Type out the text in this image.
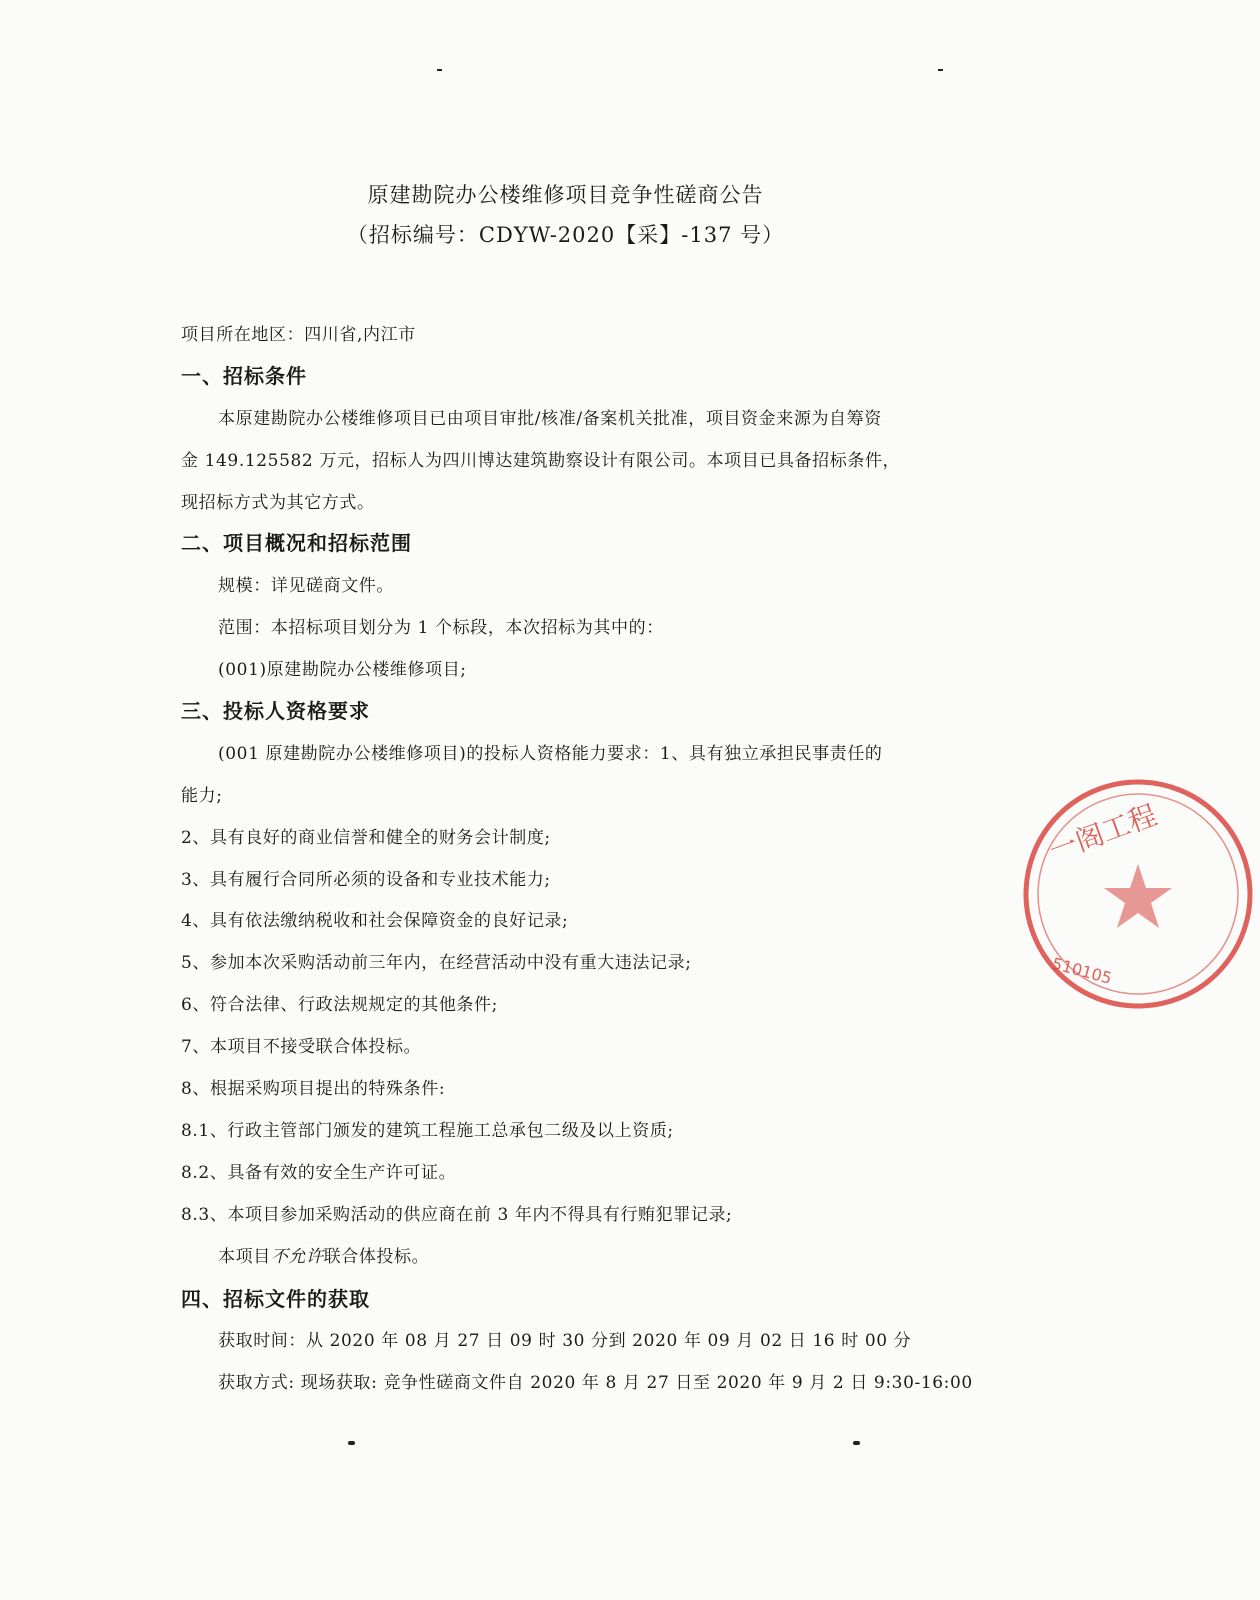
原建勘院办公楼维修项目竞争性磋商公告
（招标编号：CDYW-2020【采】-137 号）
项目所在地区：四川省,内江市
一、招标条件
本原建勘院办公楼维修项目已由项目审批/核准/备案机关批准，项目资金来源为自筹资
金 149.125582 万元，招标人为四川博达建筑勘察设计有限公司。本项目已具备招标条件，
现招标方式为其它方式。
二、项目概况和招标范围
规模：详见磋商文件。
范围：本招标项目划分为 1 个标段，本次招标为其中的：
(001)原建勘院办公楼维修项目;
三、投标人资格要求
(001 原建勘院办公楼维修项目)的投标人资格能力要求：1、具有独立承担民事责任的
能力;
2、具有良好的商业信誉和健全的财务会计制度;
3、具有履行合同所必须的设备和专业技术能力;
4、具有依法缴纳税收和社会保障资金的良好记录;
5、参加本次采购活动前三年内，在经营活动中没有重大违法记录;
6、符合法律、行政法规规定的其他条件;
7、本项目不接受联合体投标。
8、根据采购项目提出的特殊条件:
8.1、行政主管部门颁发的建筑工程施工总承包二级及以上资质;
8.2、具备有效的安全生产许可证。
8.3、本项目参加采购活动的供应商在前 3 年内不得具有行贿犯罪记录;
本项目不允许联合体投标。
四、招标文件的获取
获取时间：从 2020 年 08 月 27 日 09 时 30 分到 2020 年 09 月 02 日 16 时 00 分
获取方式: 现场获取: 竞争性磋商文件自 2020 年 8 月 27 日至 2020 年 9 月 2 日 9:30-16:00
一阁工程
510105
